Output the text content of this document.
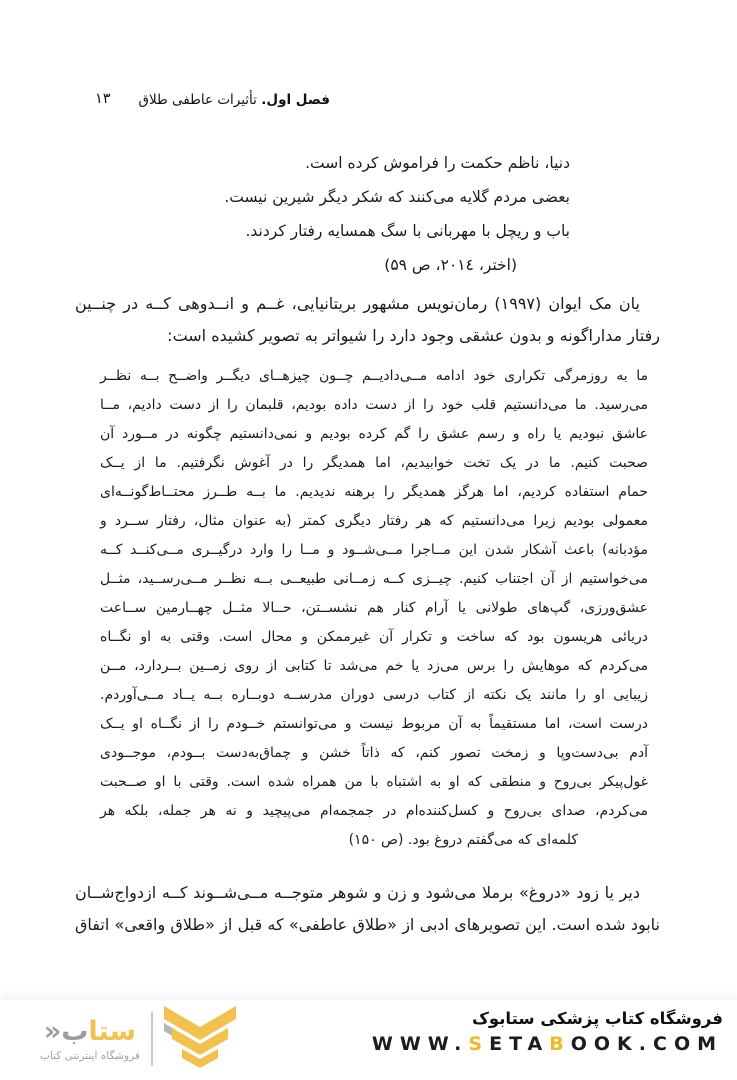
۱۳	فصل اول. تأثیرات عاطفی طلاق
دنیا، ناظم حکمت را فراموش کرده است.
بعضی مردم گلایه می‌کنند که شکر دیگر شیرین نیست.
باب و ریچل با مهربانی با سگ همسایه رفتار کردند.
(اختر، ۲۰۱٤، ص ۵۹)
یان مک ایوان (۱۹۹۷) رمان‌نویس مشهور بریتانیایی، غــم و انــدوهی کــه در چنــین
رفتار مداراگونه و بدون عشقی وجود دارد را شیواتر به تصویر کشیده است:
ما به روزمرگی تکراری خود ادامه مــی‌دادیــم چــون چیزهــای دیگــر واضــح بــه نظــر
می‌رسید. ما می‌دانستیم قلب خود را از دست داده بودیم، قلبمان را از دست دادیم، مــا
عاشق نبودیم یا راه و رسم عشق را گم کرده بودیم و نمی‌دانستیم چگونه در مــورد آن
صحبت کنیم. ما در یک تخت خوابیدیم، اما همدیگر را در آغوش نگرفتیم. ما از یــک
حمام استفاده کردیم، اما هرگز همدیگر را برهنه ندیدیم. ما بــه طــرز محتــاط‌گونــه‌ای
معمولی بودیم زیرا می‌دانستیم که هر رفتار دیگری کمتر (به عنوان مثال، رفتار ســرد و
مؤدبانه) باعث آشکار شدن این مــاجرا مــی‌شــود و مــا را وارد درگیــری مــی‌کنــد کــه
می‌خواستیم از آن اجتناب کنیم. چیــزی کــه زمــانی طبیعــی بــه نظــر مــی‌رســید، مثــل
عشق‌ورزی، گپ‌های طولانی یا آرام کنار هم نشســتن، حــالا مثــل چهــارمین ســاعت
دریائی هریسون بود که ساخت و تکرار آن غیرممکن و محال است. وقتی به او نگــاه
می‌کردم که موهایش را برس می‌زد یا خم می‌شد تا کتابی از روی زمــین بــردارد، مــن
زیبایی او را مانند یک نکته از کتاب درسی دوران مدرســه دوبــاره بــه یــاد مــی‌آوردم.
درست است، اما مستقیماً به آن مربوط نیست و می‌توانستم خــودم را از نگــاه او یــک
آدم بی‌دست‌وپا و زمخت تصور کنم، که ذاتاً خشن و چماق‌به‌دست بــودم، موجــودی
غول‌پیکر بی‌روح و منطقی که او به اشتباه با من همراه شده است. وقتی با او صــحبت
می‌کردم، صدای بی‌روح و کسل‌کننده‌ام در جمجمه‌ام می‌پیچید و نه هر جمله، بلکه هر
کلمه‌ای که می‌گفتم دروغ بود. (ص ۱۵۰)
دیر یا زود «دروغ» برملا می‌شود و زن و شوهر متوجــه مــی‌شــوند کــه ازدواج‌شــان
نابود شده است. این تصویرهای ادبی از «طلاق عاطفی» که قبل از «طلاق واقعی» اتفاق
فروشگاه کتاب پزشکی ستابوک
WWW.SETABOOK.COM
ستاب«
فروشگاه اینترنتی کتاب
